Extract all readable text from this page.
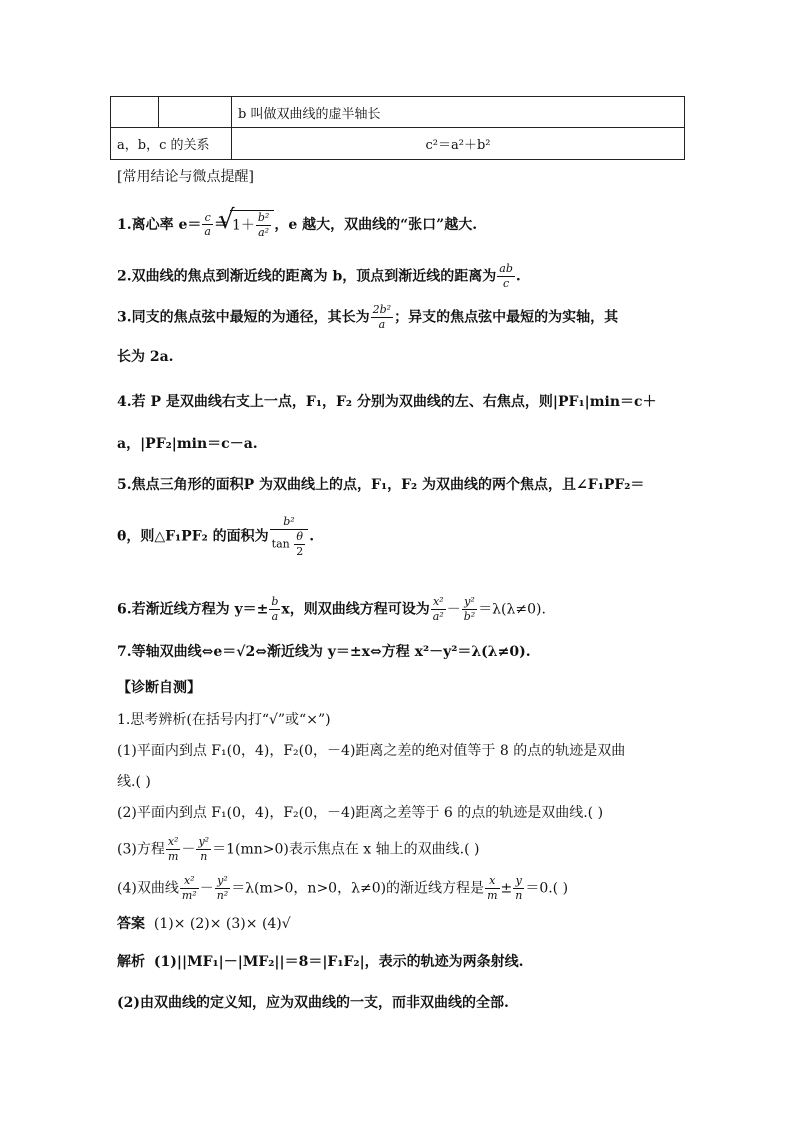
		b 叫做双曲线的虚半轴长
a，b，c 的关系		c²＝a²＋b²
[常用结论与微点提醒]
1.离心率 $e= \frac{c}{a}$ ＝ √ $1+ \frac{\text{b²}}{\text{a²}}$ ，e 越大，双曲线的“张口”越大.
2.双曲线的焦点到渐近线的距离为 b，顶点到渐近线的距离为 $\frac{ab}{c}$ .
3.同支的焦点弦中最短的为通径，其长为 $\frac{\text{2b²}}{a}$ ；异支的焦点弦中最短的为实轴，其
长为 2a.
4.若 P 是双曲线右支上一点，F₁，F₂ 分别为双曲线的左、右焦点，则|PF₁|min＝c＋
a，|PF₂|min＝c－a.
5.焦点三角形的面积P 为双曲线上的点，F₁，F₂ 为双曲线的两个焦点，且∠F₁PF₂＝
θ，则△F₁PF₂ 的面积为 $\frac{\text{b²}}{\tan \frac{\theta}{2}}$ .
6.若渐近线方程为 $y=\pm \frac{b}{a}$ x，则双曲线方程可设为 $\frac{\text{x²}}{\text{a²}} - \frac{\text{y²}}{\text{b²}} =\lambda(\lambda\ne 0)$.
7.等轴双曲线⇔e＝√2⇔渐近线为 y＝±x⇔方程 x²－y²＝λ(λ≠0).
【诊断自测】
1.思考辨析(在括号内打“√”或“×”)
(1)平面内到点 F₁(0，4)，F₂(0，－4)距离之差的绝对值等于 8 的点的轨迹是双曲
线.( )
(2)平面内到点 F₁(0，4)，F₂(0，－4)距离之差等于 6 的点的轨迹是双曲线.( )
(3)方程 $\frac{\text{x²}}{m} - \frac{\text{y²}}{n} =1(mn>0)$表示焦点在 x 轴上的双曲线.( )
(4)双曲线 $\frac{\text{x²}}{\text{m²}} - \frac{\text{y²}}{\text{n²}} =\lambda(m>0$，n>0，λ≠0)的渐近线方程是 $\frac{x}{m} \pm \frac{y}{n} =0$.( )
答案 (1)× (2)× (3)× (4)√
解析 (1)||MF₁|－|MF₂||＝8＝|F₁F₂|，表示的轨迹为两条射线.
(2)由双曲线的定义知，应为双曲线的一支，而非双曲线的全部.
